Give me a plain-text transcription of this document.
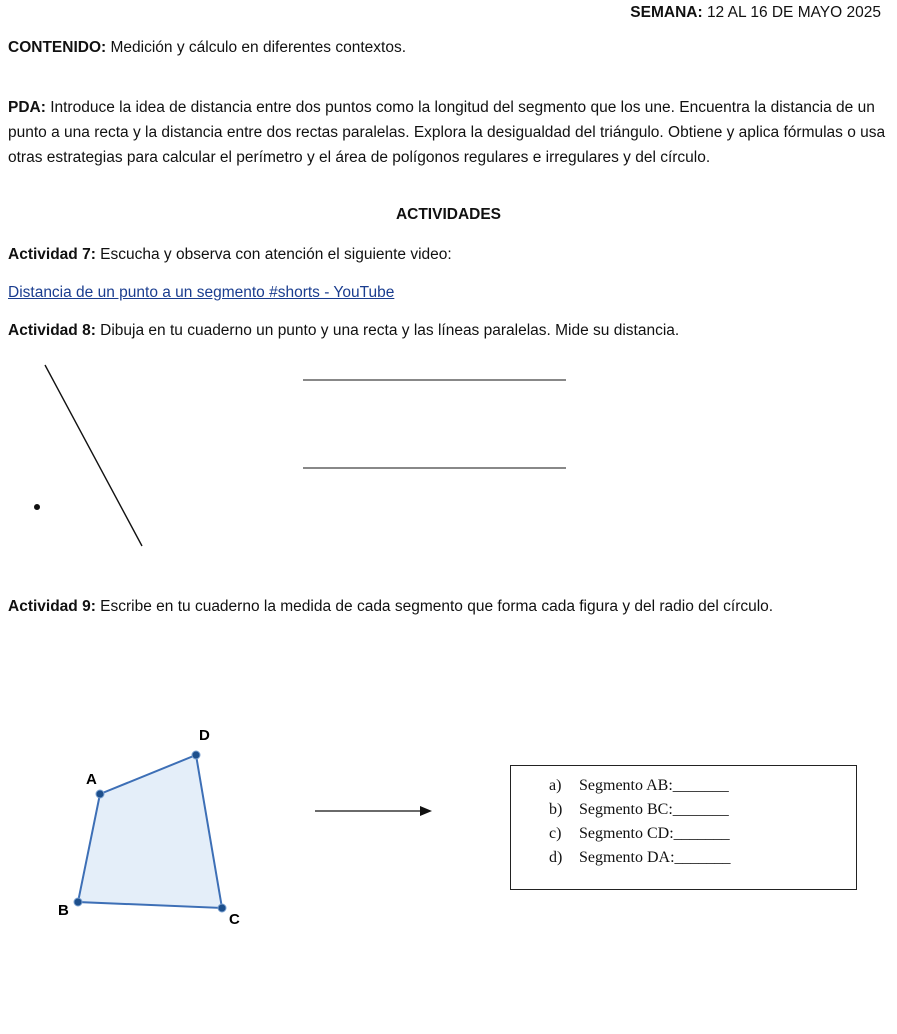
SEMANA: 12 AL 16 DE MAYO 2025
CONTENIDO: Medición y cálculo en diferentes contextos.
PDA: Introduce la idea de distancia entre dos puntos como la longitud del segmento que los une. Encuentra la distancia de un punto a una recta y la distancia entre dos rectas paralelas. Explora la desigualdad del triángulo. Obtiene y aplica fórmulas o usa otras estrategias para calcular el perímetro y el área de polígonos regulares e irregulares y del círculo.
ACTIVIDADES
Actividad 7: Escucha y observa con atención el siguiente video:
Distancia de un punto a un segmento #shorts - YouTube
Actividad 8: Dibuja en tu cuaderno un punto y una recta y las líneas paralelas. Mide su distancia.
Actividad 9: Escribe en tu cuaderno la medida de cada segmento que forma cada figura y del radio del círculo.
A
D
C
B
a) Segmento AB:_______
b) Segmento BC:_______
c) Segmento CD:_______
d) Segmento DA:_______
